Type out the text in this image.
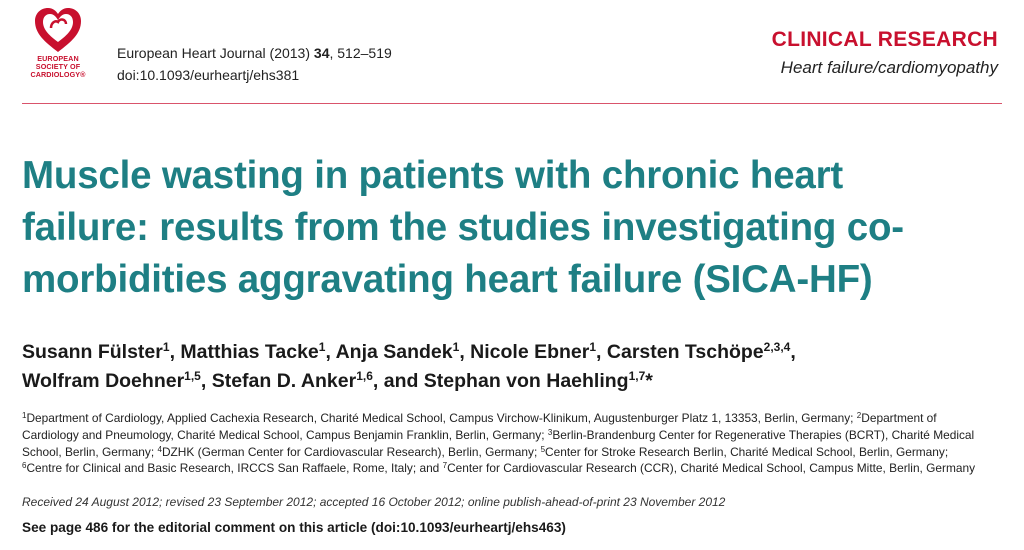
EUROPEAN
SOCIETY OF
CARDIOLOGY®
European Heart Journal (2013) 34, 512–519
doi:10.1093/eurheartj/ehs381
CLINICAL RESEARCH
Heart failure/cardiomyopathy
Muscle wasting in patients with chronic heart
failure: results from the studies investigating co-
morbidities aggravating heart failure (SICA-HF)
Susann Fülster$^1$, Matthias Tacke$^1$, Anja Sandek$^1$, Nicole Ebner$^1$, Carsten Tschöpe$^{2,3,4}$,
Wolfram Doehner$^{1,5}$, Stefan D. Anker$^{1,6}$, and Stephan von Haehling$^{1,7}$*
$^1$Department of Cardiology, Applied Cachexia Research, Charité Medical School, Campus Virchow-Klinikum, Augustenburger Platz 1, 13353, Berlin, Germany; $^2$Department of
Cardiology and Pneumology, Charité Medical School, Campus Benjamin Franklin, Berlin, Germany; $^3$Berlin-Brandenburg Center for Regenerative Therapies (BCRT), Charité Medical
School, Berlin, Germany; $^4$DZHK (German Center for Cardiovascular Research), Berlin, Germany; $^5$Center for Stroke Research Berlin, Charité Medical School, Berlin, Germany;
$^6$Centre for Clinical and Basic Research, IRCCS San Raffaele, Rome, Italy; and $^7$Center for Cardiovascular Research (CCR), Charité Medical School, Campus Mitte, Berlin, Germany
Received 24 August 2012; revised 23 September 2012; accepted 16 October 2012; online publish-ahead-of-print 23 November 2012
See page 486 for the editorial comment on this article (doi:10.1093/eurheartj/ehs463)
